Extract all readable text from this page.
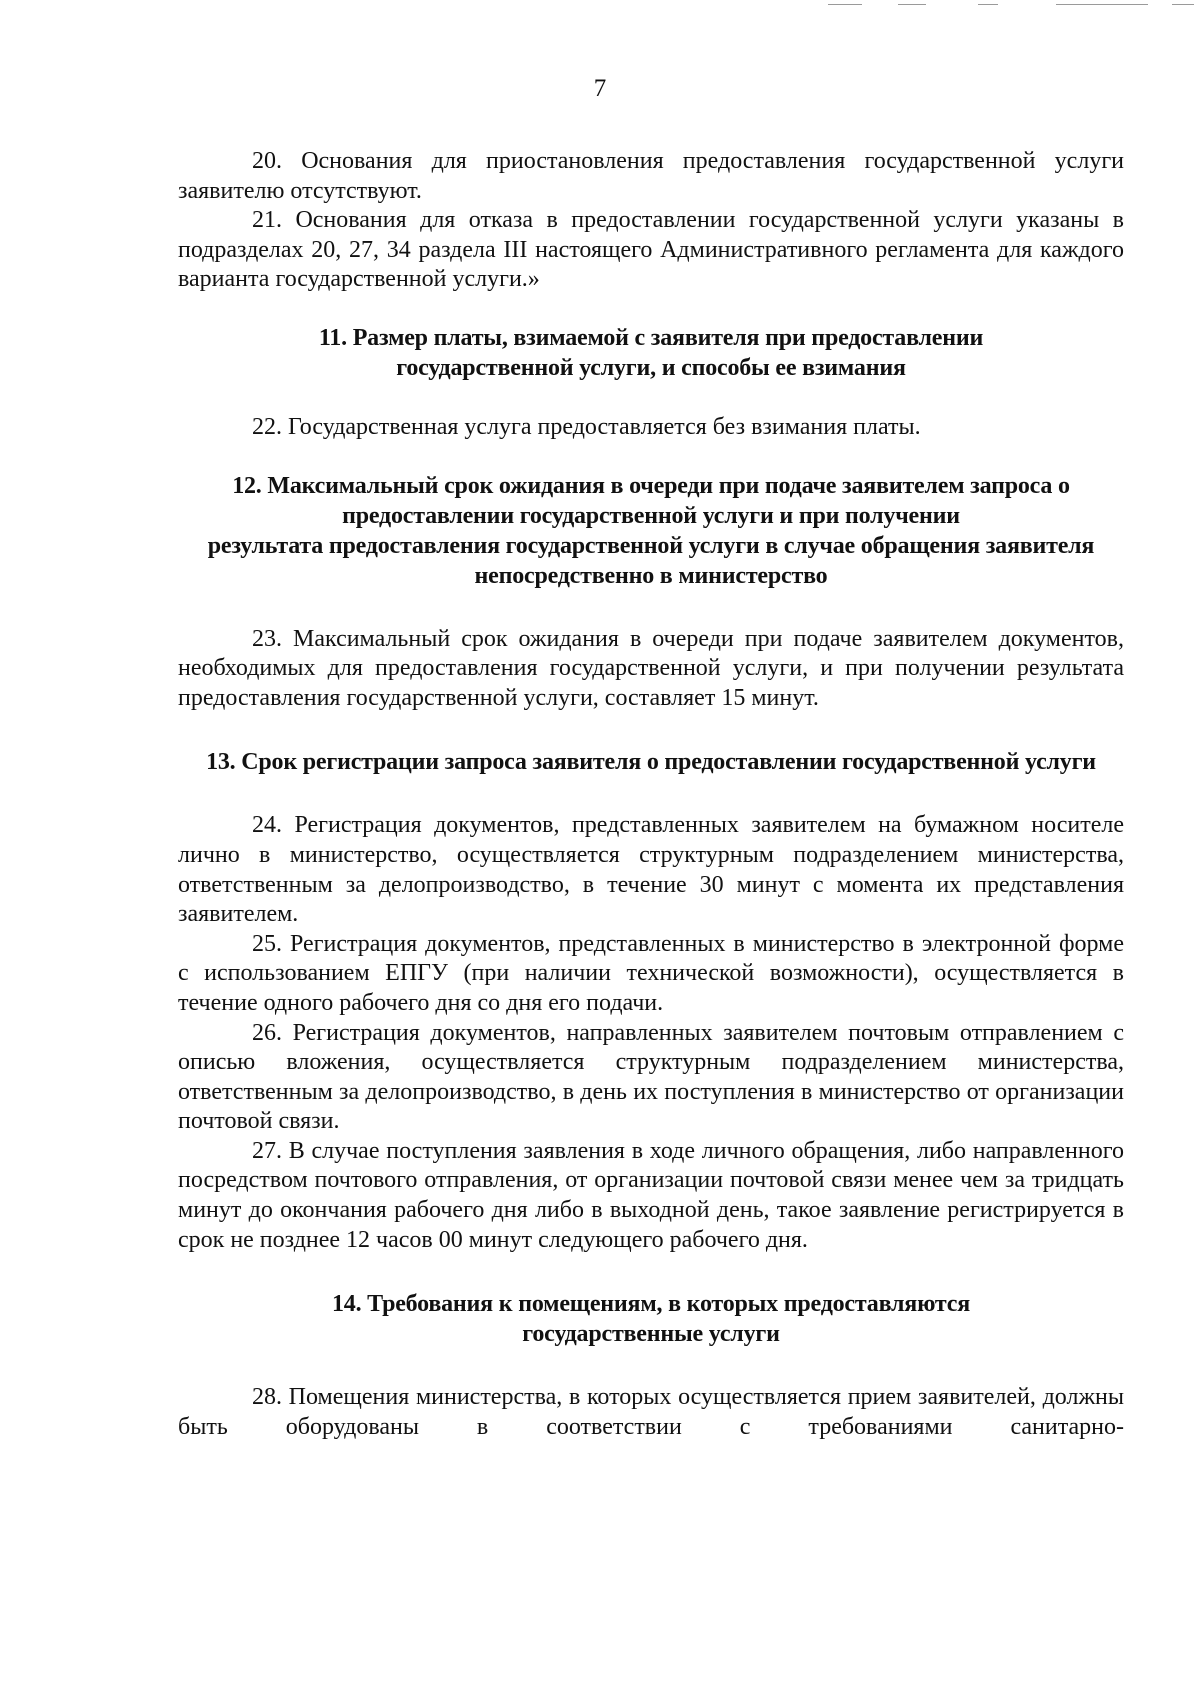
7

20. Основания для приостановления предоставления государственной услуги заявителю отсутствуют.

21. Основания для отказа в предоставлении государственной услуги указаны в подразделах 20, 27, 34 раздела III настоящего Административного регламента для каждого варианта государственной услуги.»

11. Размер платы, взимаемой с заявителя при предоставлении
государственной услуги, и способы ее взимания

22. Государственная услуга предоставляется без взимания платы.

12. Максимальный срок ожидания в очереди при подаче заявителем запроса о
предоставлении государственной услуги и при получении
результата предоставления государственной услуги в случае обращения заявителя
непосредственно в министерство

23. Максимальный срок ожидания в очереди при подаче заявителем документов, необходимых для предоставления государственной услуги, и при получении результата предоставления государственной услуги, составляет 15 минут.

13. Срок регистрации запроса заявителя о предоставлении государственной услуги

24. Регистрация документов, представленных заявителем на бумажном носителе лично в министерство, осуществляется структурным подразделением министерства, ответственным за делопроизводство, в течение 30 минут с момента их представления заявителем.

25. Регистрация документов, представленных в министерство в электронной форме с использованием ЕПГУ (при наличии технической возможности), осуществляется в течение одного рабочего дня со дня его подачи.

26. Регистрация документов, направленных заявителем почтовым отправлением с описью вложения, осуществляется структурным подразделением министерства, ответственным за делопроизводство, в день их поступления в министерство от организации почтовой связи.

27. В случае поступления заявления в ходе личного обращения, либо направленного посредством почтового отправления, от организации почтовой связи менее чем за тридцать минут до окончания рабочего дня либо в выходной день, такое заявление регистрируется в срок не позднее 12 часов 00 минут следующего рабочего дня.

14. Требования к помещениям, в которых предоставляются
государственные услуги

28. Помещения министерства, в которых осуществляется прием заявителей, должны быть оборудованы в соответствии с требованиями санитарно-
